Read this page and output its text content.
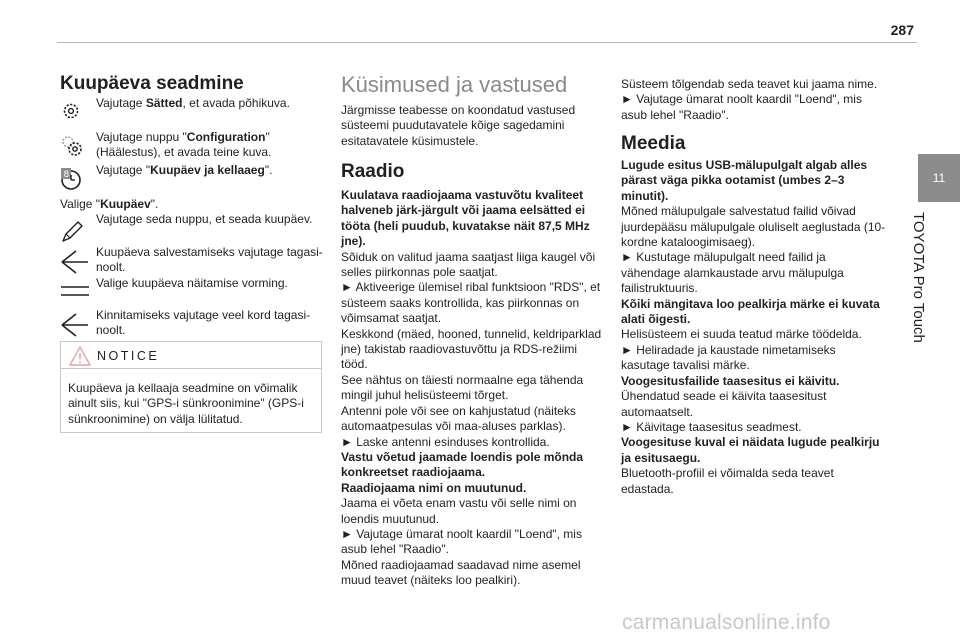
287
11
TOYOTA Pro Touch
Kuupäeva seadmine
Vajutage Sätted, et avada põhikuva.
Vajutage nuppu "Configuration" (Häälestus), et avada teine kuva.
8 Vajutage "Kuupäev ja kellaaeg".
Valige "Kuupäev".
Vajutage seda nuppu, et seada kuupäev.
Kuupäeva salvestamiseks vajutage tagasi-noolt.
Valige kuupäeva näitamise vorming.
Kinnitamiseks vajutage veel kord tagasi-noolt.
NOTICE
Kuupäeva ja kellaaja seadmine on võimalik ainult siis, kui "GPS-i sünkroonimine" (GPS-i sünkroonimine) on välja lülitatud.
Küsimused ja vastused
Järgmisse teabesse on koondatud vastused süsteemi puudutavatele kõige sagedamini esitatavatele küsimustele.
Raadio
Kuulatava raadiojaama vastuvõtu kvaliteet halveneb järk-järgult või jaama eelsätted ei tööta (heli puudub, kuvatakse näit 87,5 MHz jne).
Sõiduk on valitud jaama saatjast liiga kaugel või selles piirkonnas pole saatjat.
► Aktiveerige ülemisel ribal funktsioon "RDS", et süsteem saaks kontrollida, kas piirkonnas on võimsamat saatjat.
Keskkond (mäed, hooned, tunnelid, keldriparklad jne) takistab raadiovastuvõttu ja RDS-režiimi tööd.
See nähtus on täiesti normaalne ega tähenda mingil juhul helisüsteemi tõrget.
Antenni pole või see on kahjustatud (näiteks automaatpesulas või maa-aluses parklas).
► Laske antenni esinduses kontrollida.
Vastu võetud jaamade loendis pole mõnda konkreetset raadiojaama.
Raadiojaama nimi on muutunud.
Jaama ei võeta enam vastu või selle nimi on loendis muutunud.
► Vajutage ümarat noolt kaardil "Loend", mis asub lehel "Raadio".
Mõned raadiojaamad saadavad nime asemel muud teavet (näiteks loo pealkiri).
Süsteem tõlgendab seda teavet kui jaama nime.
► Vajutage ümarat noolt kaardil "Loend", mis asub lehel "Raadio".
Meedia
Lugude esitus USB-mälupulgalt algab alles pärast väga pikka ootamist (umbes 2–3 minutit).
Mõned mälupulgale salvestatud failid võivad juurdepääsu mälupulgale oluliselt aeglustada (10-kordne kataloogimisaeg).
► Kustutage mälupulgalt need failid ja vähendage alamkaustade arvu mälupulga failistruktuuris.
Kõiki mängitava loo pealkirja märke ei kuvata alati õigesti.
Helisüsteem ei suuda teatud märke töödelda.
► Heliradade ja kaustade nimetamiseks kasutage tavalisi märke.
Voogesitusfailide taasesitus ei käivitu.
Ühendatud seade ei käivita taasesitust automaatselt.
► Käivitage taasesitus seadmest.
Voogesituse kuval ei näidata lugude pealkirju ja esitusaegu.
Bluetooth-profiil ei võimalda seda teavet edastada.
carmanualsonline.info
